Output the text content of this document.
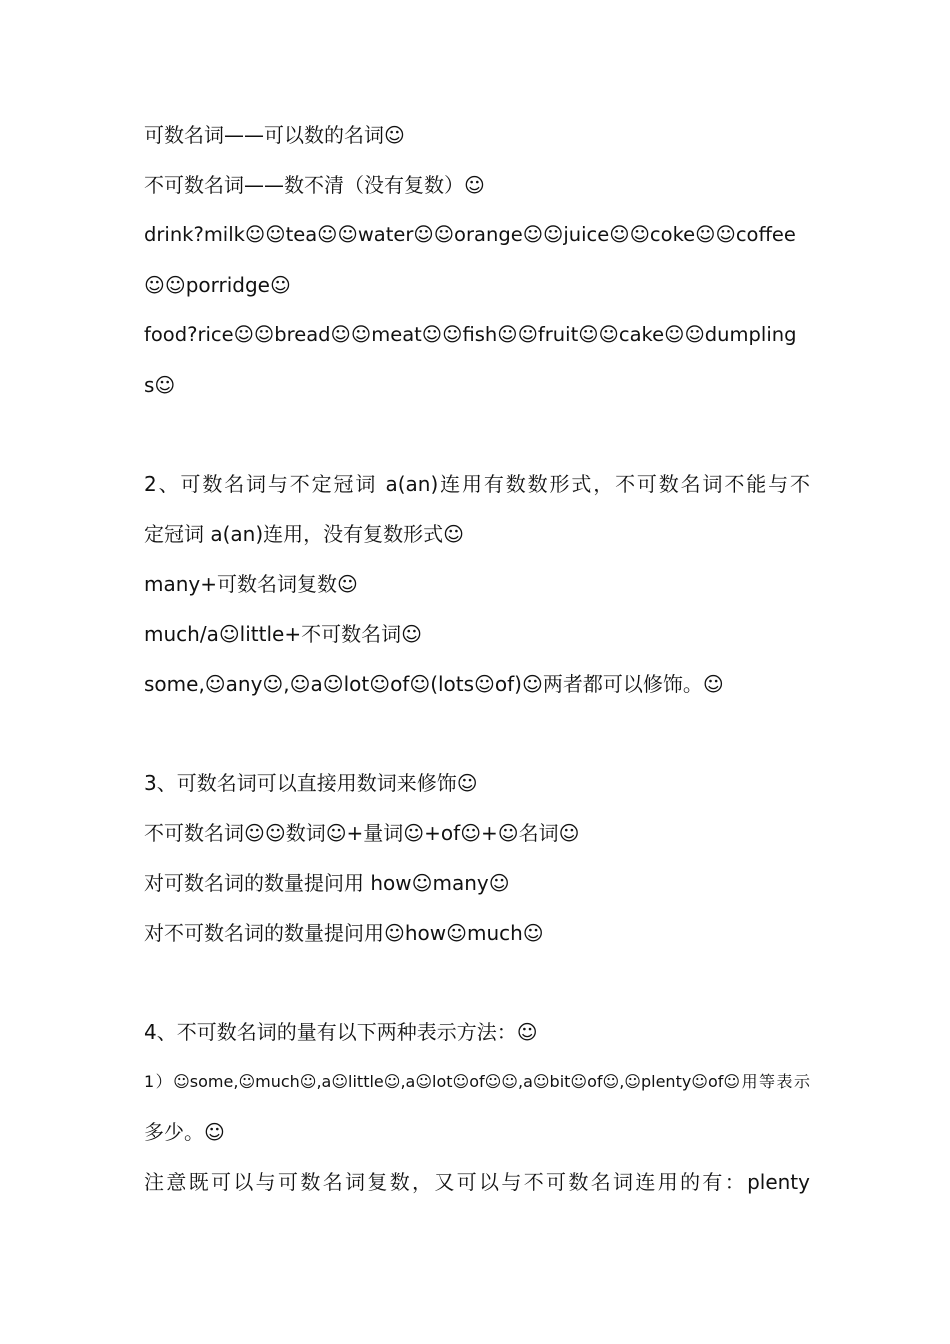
可数名词——可以数的名词☺
不可数名词——数不清（没有复数）☺
drink?milk☺☺tea☺☺water☺☺orange☺☺juice☺☺coke☺☺coffee
☺☺porridge☺
food?rice☺☺bread☺☺meat☺☺fish☺☺fruit☺☺cake☺☺dumpling
s☺
2、可数名词与不定冠词 a(an)连用有数数形式，不可数名词不能与不
定冠词 a(an)连用，没有复数形式☺
many+可数名词复数☺
much/a☺little+不可数名词☺
some,☺any☺,☺a☺lot☺of☺(lots☺of)☺两者都可以修饰。☺
3、可数名词可以直接用数词来修饰☺
不可数名词☺☺数词☺+量词☺+of☺+☺名词☺
对可数名词的数量提问用 how☺many☺
对不可数名词的数量提问用☺how☺much☺
4、不可数名词的量有以下两种表示方法：☺
1）☺some,☺much☺,a☺little☺,a☺lot☺of☺☺,a☺bit☺of☺,☺plenty☺of☺用等表示
多少。☺
注意既可以与可数名词复数，又可以与不可数名词连用的有：plenty
